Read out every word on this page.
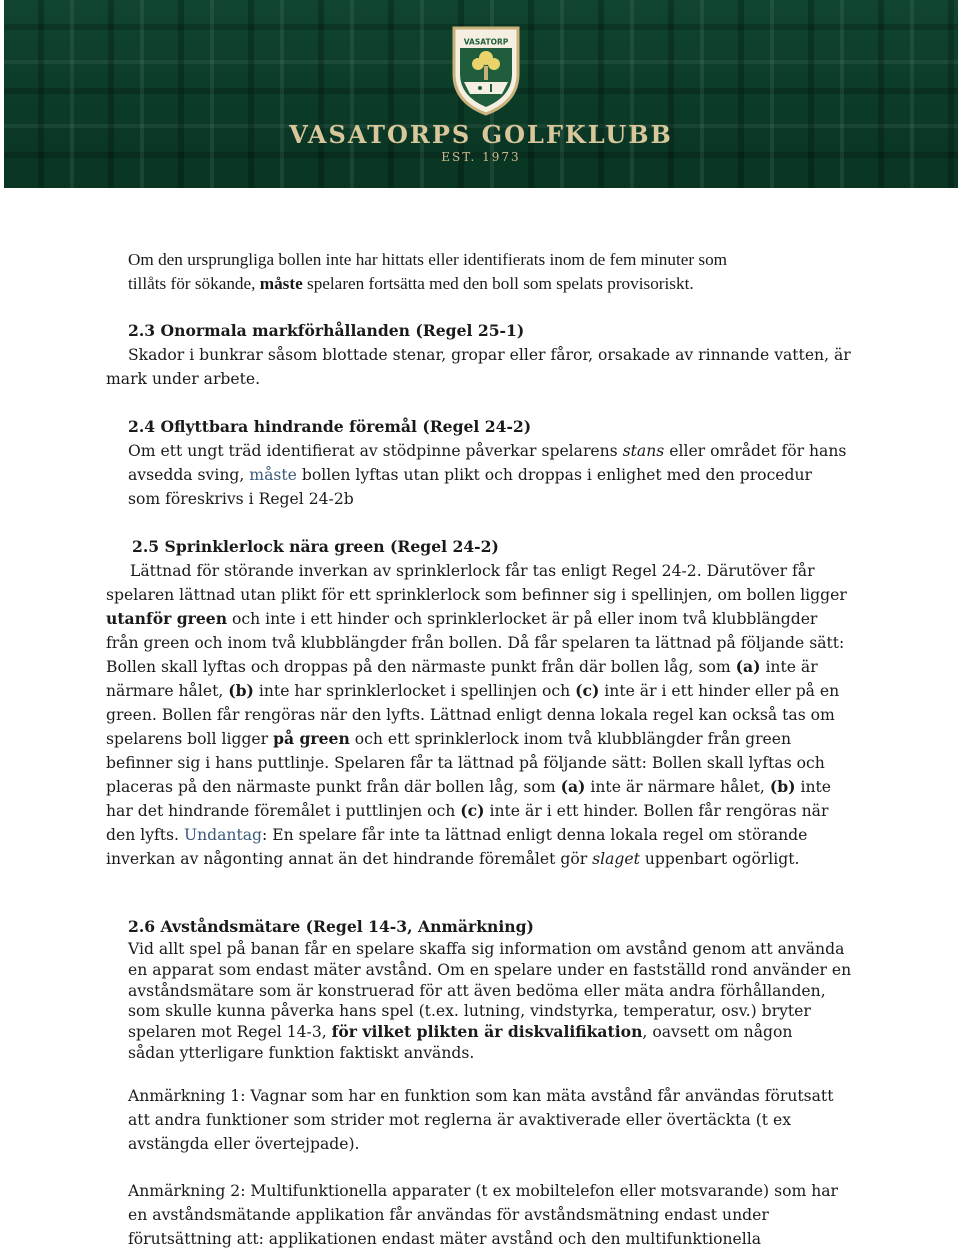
VASATORP
VASATORPS GOLFKLUBB
EST. 1973

Om den ursprungliga bollen inte har hittats eller identifierats inom de fem minuter som

tillåts för sökande, måste spelaren fortsätta med den boll som spelats provisoriskt.

2.3 Onormala markförhållanden (Regel 25-1)

Skador i bunkrar såsom blottade stenar, gropar eller fåror, orsakade av rinnande vatten, är

mark under arbete.

2.4 Oflyttbara hindrande föremål (Regel 24-2)

Om ett ungt träd identifierat av stödpinne påverkar spelarens stans eller området för hans

avsedda sving, måste bollen lyftas utan plikt och droppas i enlighet med den procedur

som föreskrivs i Regel 24-2b

2.5 Sprinklerlock nära green (Regel 24-2)

Lättnad för störande inverkan av sprinklerlock får tas enligt Regel 24-2. Därutöver får

spelaren lättnad utan plikt för ett sprinklerlock som befinner sig i spellinjen, om bollen ligger

utanför green och inte i ett hinder och sprinklerlocket är på eller inom två klubblängder

från green och inom två klubblängder från bollen. Då får spelaren ta lättnad på följande sätt:

Bollen skall lyftas och droppas på den närmaste punkt från där bollen låg, som (a) inte är

närmare hålet, (b) inte har sprinklerlocket i spellinjen och (c) inte är i ett hinder eller på en

green. Bollen får rengöras när den lyfts. Lättnad enligt denna lokala regel kan också tas om

spelarens boll ligger på green och ett sprinklerlock inom två klubblängder från green

befinner sig i hans puttlinje. Spelaren får ta lättnad på följande sätt: Bollen skall lyftas och

placeras på den närmaste punkt från där bollen låg, som (a) inte är närmare hålet, (b) inte

har det hindrande föremålet i puttlinjen och (c) inte är i ett hinder. Bollen får rengöras när

den lyfts. Undantag: En spelare får inte ta lättnad enligt denna lokala regel om störande

inverkan av någonting annat än det hindrande föremålet gör slaget uppenbart ogörligt.

2.6 Avståndsmätare (Regel 14-3, Anmärkning)

Vid allt spel på banan får en spelare skaffa sig information om avstånd genom att använda

en apparat som endast mäter avstånd. Om en spelare under en fastställd rond använder en

avståndsmätare som är konstruerad för att även bedöma eller mäta andra förhållanden,

som skulle kunna påverka hans spel (t.ex. lutning, vindstyrka, temperatur, osv.) bryter

spelaren mot Regel 14-3, för vilket plikten är diskvalifikation, oavsett om någon

sådan ytterligare funktion faktiskt används.

Anmärkning 1: Vagnar som har en funktion som kan mäta avstånd får användas förutsatt

att andra funktioner som strider mot reglerna är avaktiverade eller övertäckta (t ex

avstängda eller övertejpade).

Anmärkning 2: Multifunktionella apparater (t ex mobiltelefon eller motsvarande) som har

en avståndsmätande applikation får användas för avståndsmätning endast under

förutsättning att: applikationen endast mäter avstånd och den multifunktionella
